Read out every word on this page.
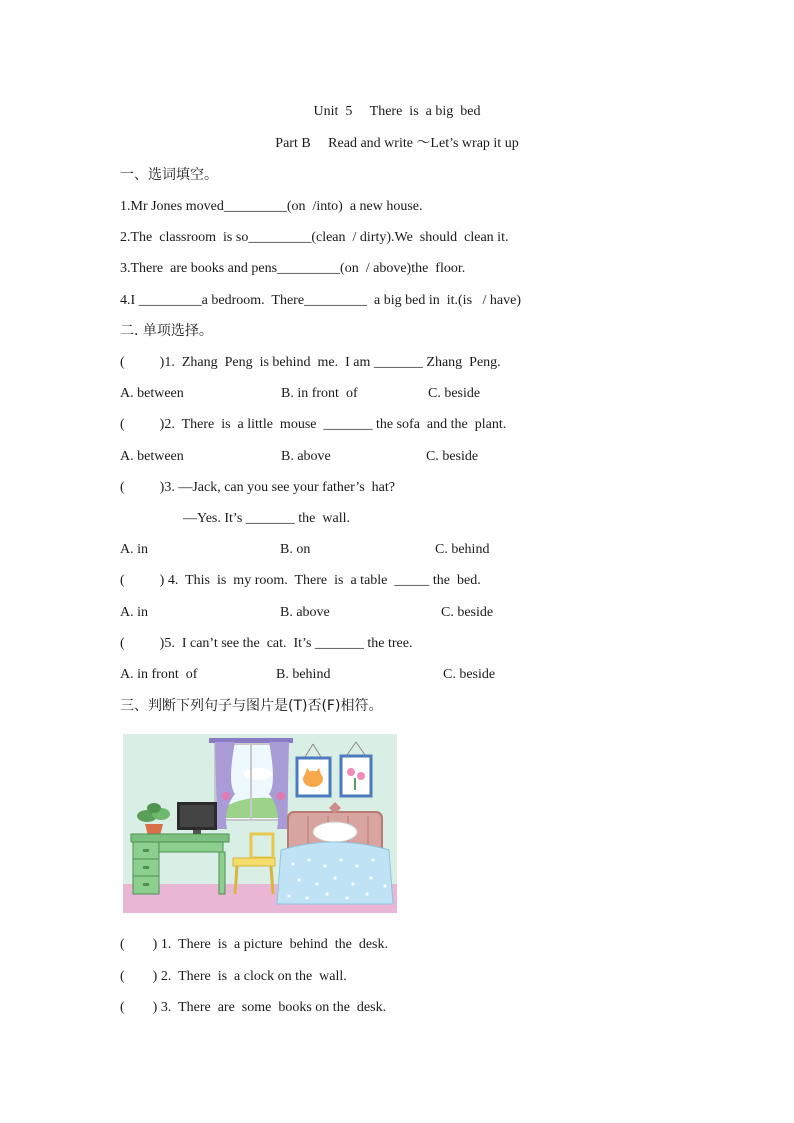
Unit  5     There  is  a big  bed
Part B     Read and write ～Let’s wrap it up
一、选词填空。
1.Mr Jones moved_________(on  /into)  a new house.
2.The  classroom  is so_________(clean  / dirty).We  should  clean it.
3.There  are books and pens_________(on  / above)the  floor.
4.I _________a bedroom.  There_________  a big bed in  it.(is   / have)
二. 单项选择。
(          )1.  Zhang  Peng  is behind  me.  I am _______ Zhang  Peng.
A. between	B. in front  of	C. beside
(          )2.  There  is  a little  mouse  _______ the sofa  and the  plant.
A. between	B. above	C. beside
(          )3. —Jack, can you see your father’s  hat?
—Yes. It’s _______ the  wall.
A. in	B. on	C. behind
(          ) 4.  This  is  my room.  There  is  a table  _____ the  bed.
A. in	B. above	C. beside
(          )5.  I can’t see the  cat.  It’s _______ the tree.
A. in front  of	B. behind	C. beside
三、判断下列句子与图片是(T)否(F)相符。
(        ) 1.  There  is  a picture  behind  the  desk.
(        ) 2.  There  is  a clock on the  wall.
(        ) 3.  There  are  some  books on the  desk.
